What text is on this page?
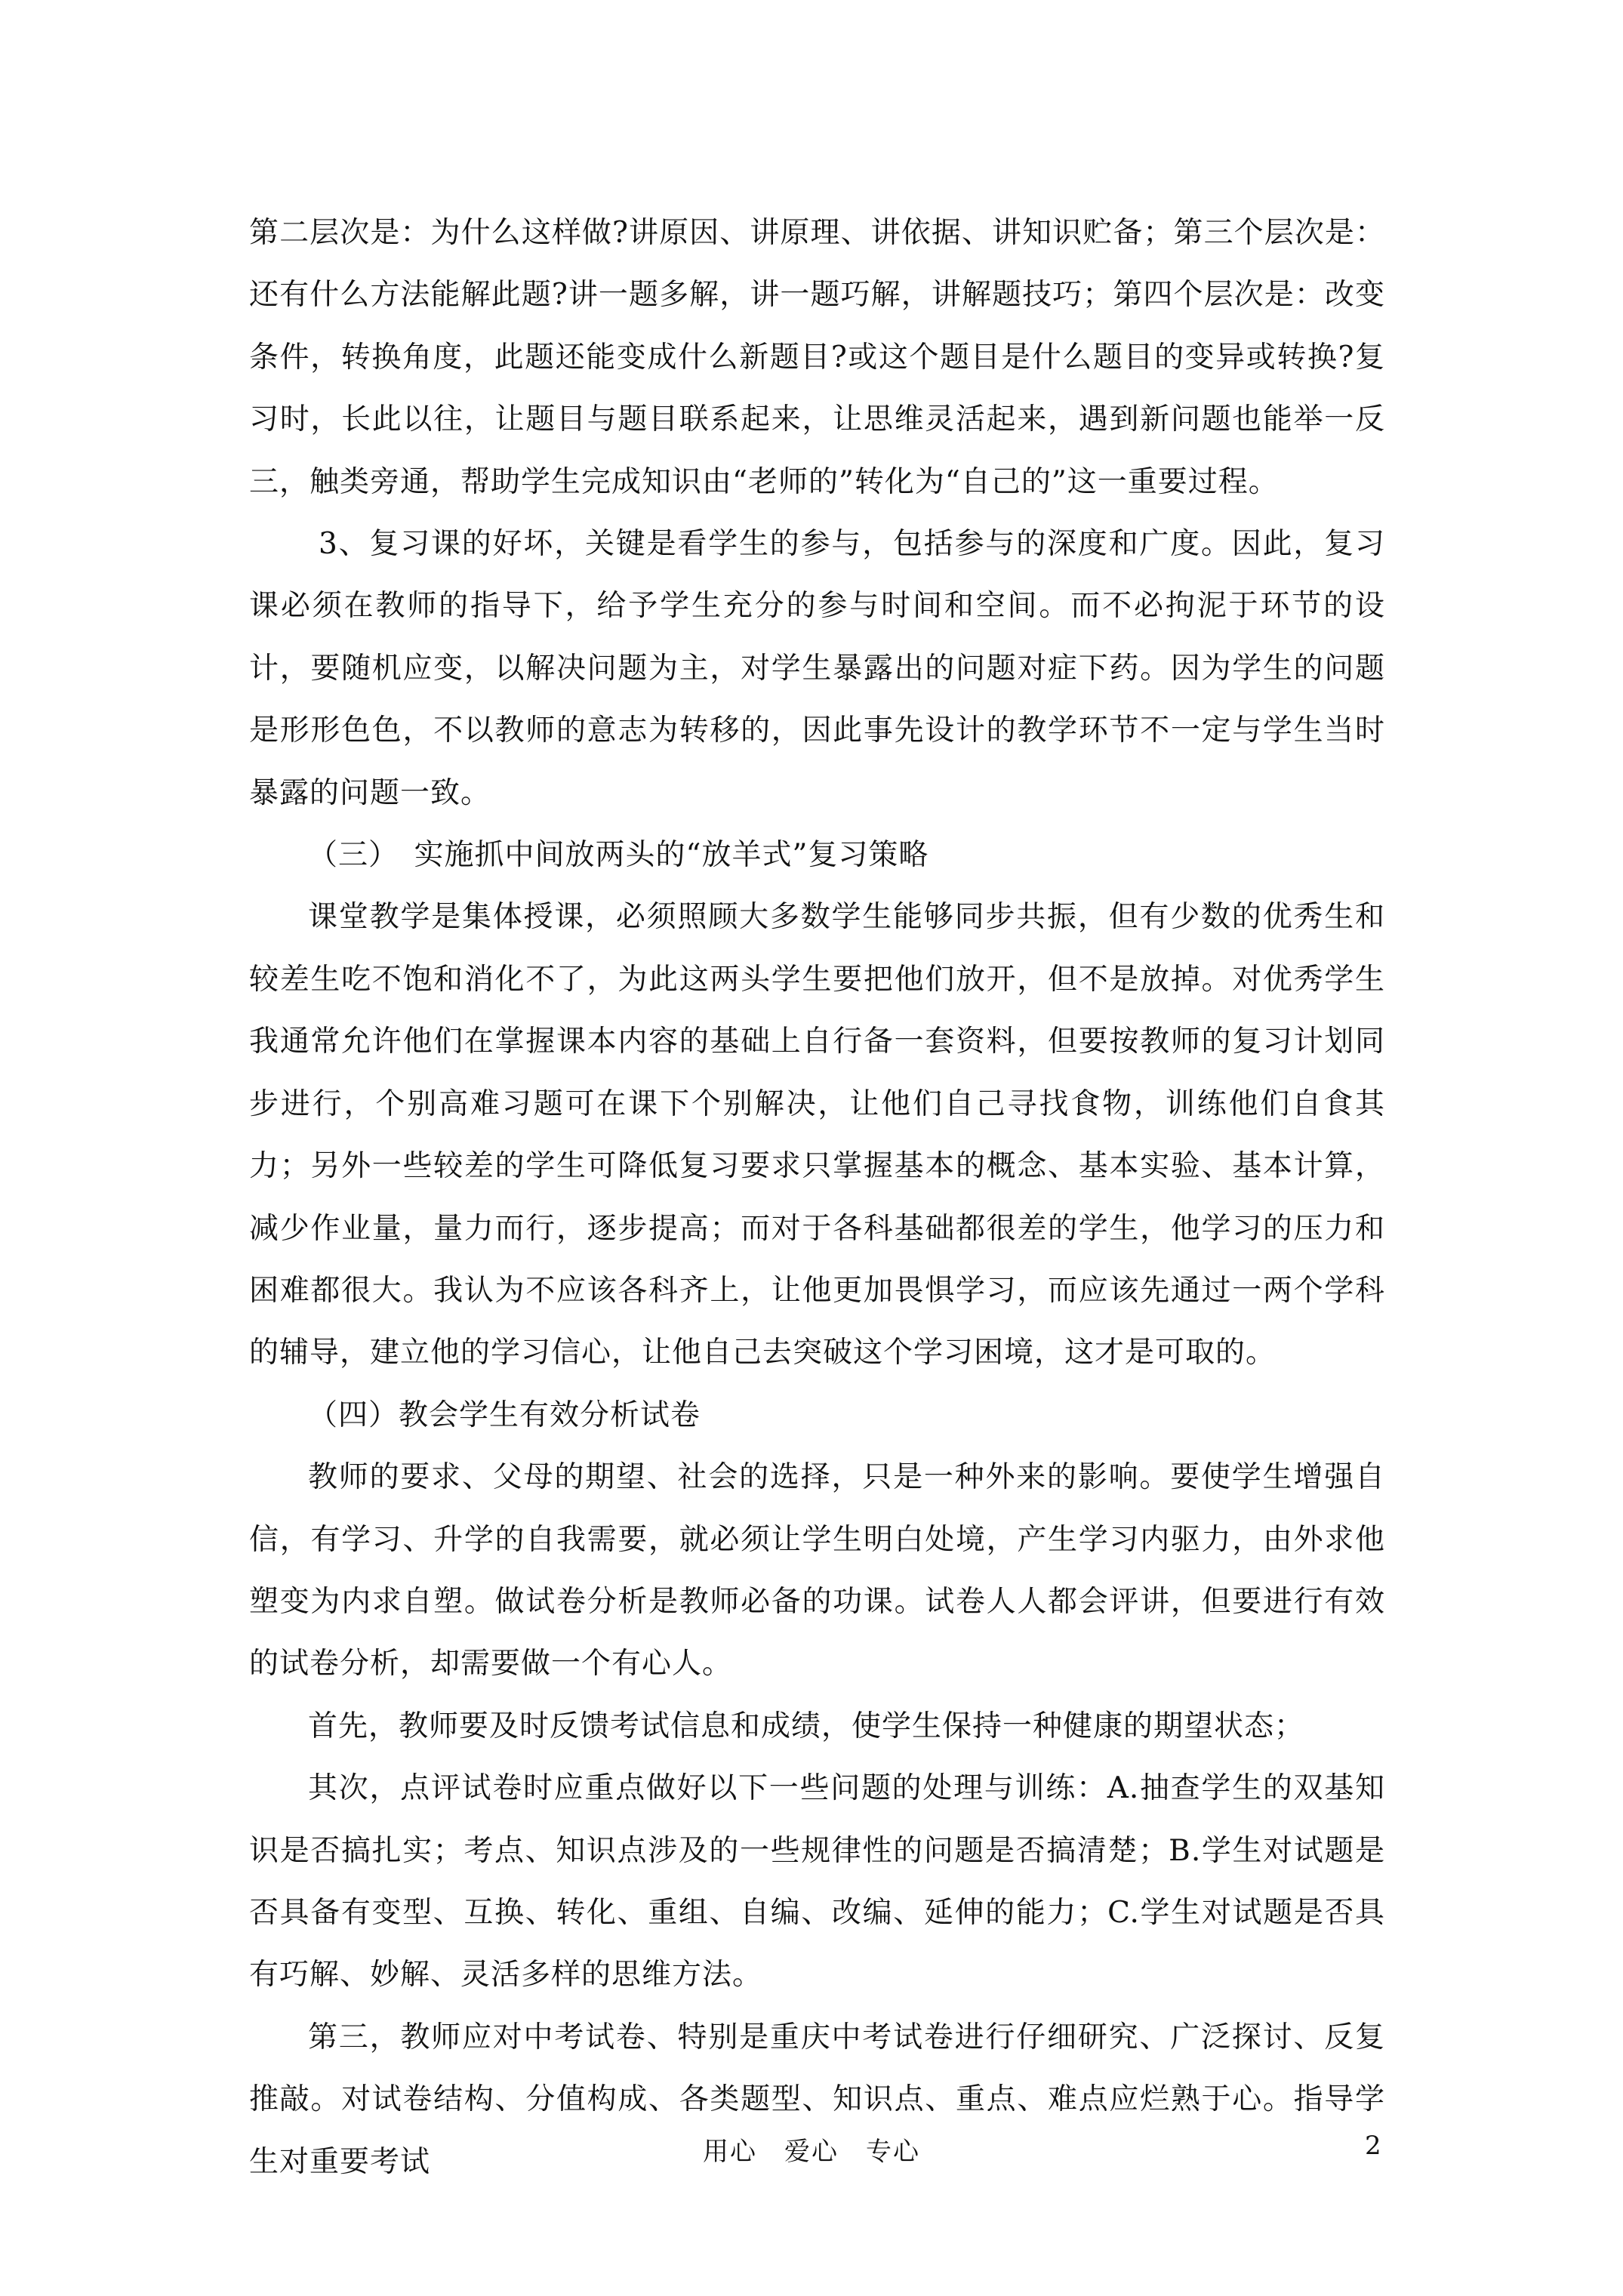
第二层次是：为什么这样做?讲原因、讲原理、讲依据、讲知识贮备；第三个层次是：还有什么方法能解此题?讲一题多解，讲一题巧解，讲解题技巧；第四个层次是：改变条件，转换角度，此题还能变成什么新题目?或这个题目是什么题目的变异或转换?复习时，长此以往，让题目与题目联系起来，让思维灵活起来，遇到新问题也能举一反三，触类旁通，帮助学生完成知识由“老师的”转化为“自己的”这一重要过程。

3、复习课的好坏，关键是看学生的参与，包括参与的深度和广度。因此，复习课必须在教师的指导下，给予学生充分的参与时间和空间。而不必拘泥于环节的设计，要随机应变，以解决问题为主，对学生暴露出的问题对症下药。因为学生的问题是形形色色，不以教师的意志为转移的，因此事先设计的教学环节不一定与学生当时暴露的问题一致。

（三）　实施抓中间放两头的“放羊式”复习策略

课堂教学是集体授课，必须照顾大多数学生能够同步共振，但有少数的优秀生和较差生吃不饱和消化不了，为此这两头学生要把他们放开，但不是放掉。对优秀学生我通常允许他们在掌握课本内容的基础上自行备一套资料，但要按教师的复习计划同步进行，个别高难习题可在课下个别解决，让他们自己寻找食物，训练他们自食其力；另外一些较差的学生可降低复习要求只掌握基本的概念、基本实验、基本计算，减少作业量，量力而行，逐步提高；而对于各科基础都很差的学生，他学习的压力和困难都很大。我认为不应该各科齐上，让他更加畏惧学习，而应该先通过一两个学科的辅导，建立他的学习信心，让他自己去突破这个学习困境，这才是可取的。

（四）教会学生有效分析试卷

教师的要求、父母的期望、社会的选择，只是一种外来的影响。要使学生增强自信，有学习、升学的自我需要，就必须让学生明白处境，产生学习内驱力，由外求他塑变为内求自塑。做试卷分析是教师必备的功课。试卷人人都会评讲，但要进行有效的试卷分析，却需要做一个有心人。

首先，教师要及时反馈考试信息和成绩，使学生保持一种健康的期望状态；

其次，点评试卷时应重点做好以下一些问题的处理与训练：A.抽查学生的双基知识是否搞扎实；考点、知识点涉及的一些规律性的问题是否搞清楚；B.学生对试题是否具备有变型、互换、转化、重组、自编、改编、延伸的能力；C.学生对试题是否具有巧解、妙解、灵活多样的思维方法。

第三，教师应对中考试卷、特别是重庆中考试卷进行仔细研究、广泛探讨、反复推敲。对试卷结构、分值构成、各类题型、知识点、重点、难点应烂熟于心。指导学生对重要考试	用心　爱心　专心	2
